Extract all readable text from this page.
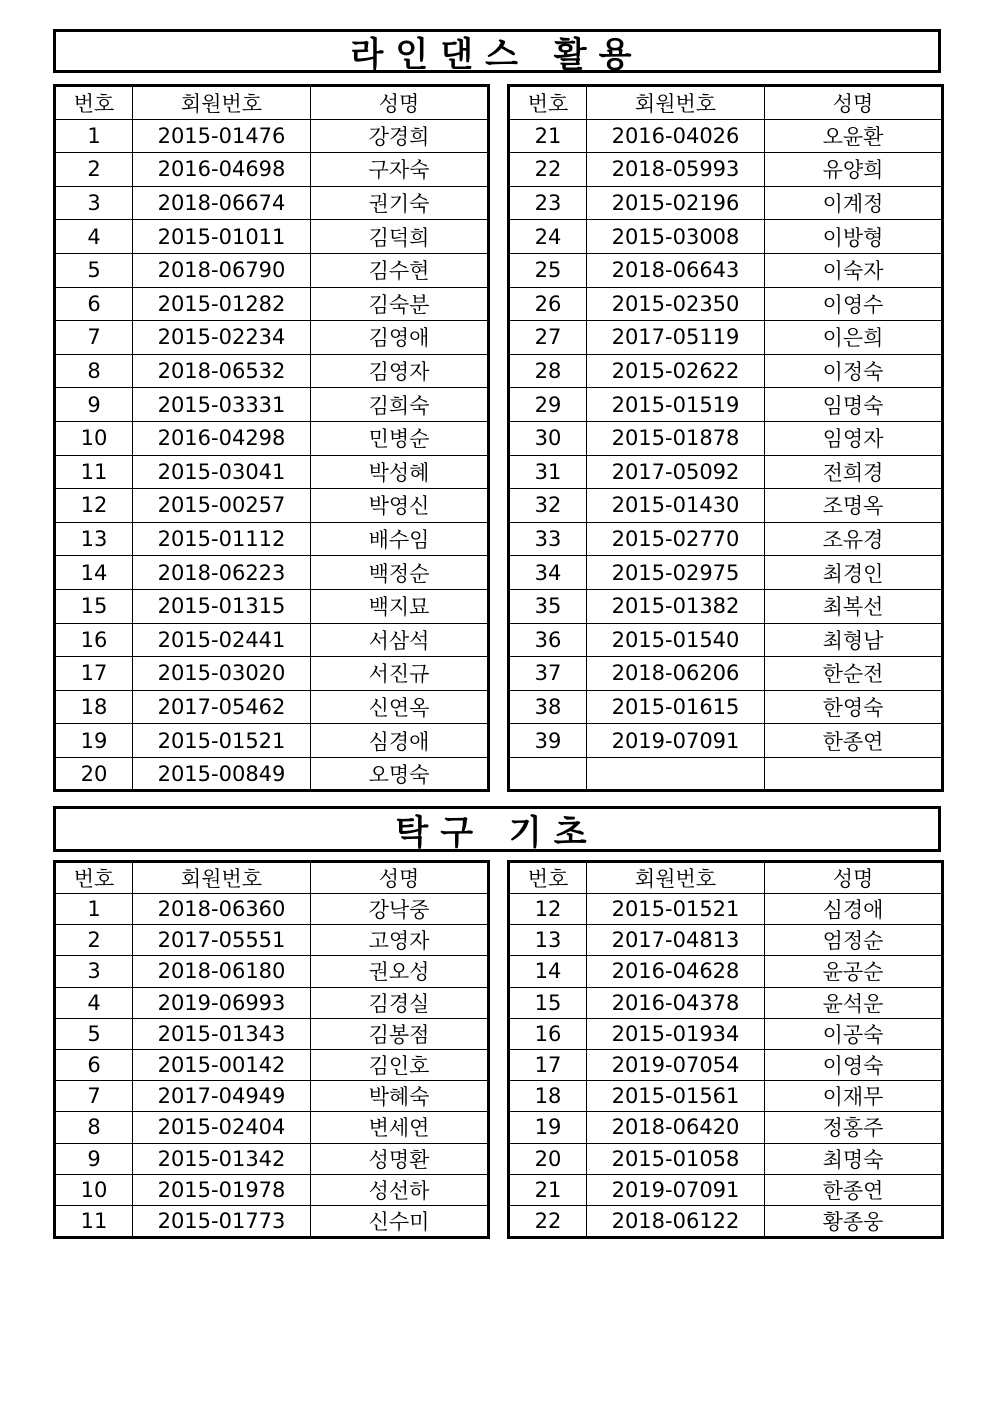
라인댄스 활용
번호	회원번호	성명
1	2015-01476	강경희
2	2016-04698	구자숙
3	2018-06674	권기숙
4	2015-01011	김덕희
5	2018-06790	김수현
6	2015-01282	김숙분
7	2015-02234	김영애
8	2018-06532	김영자
9	2015-03331	김희숙
10	2016-04298	민병순
11	2015-03041	박성혜
12	2015-00257	박영신
13	2015-01112	배수임
14	2018-06223	백정순
15	2015-01315	백지묘
16	2015-02441	서삼석
17	2015-03020	서진규
18	2017-05462	신연옥
19	2015-01521	심경애
20	2015-00849	오명숙
번호	회원번호	성명
21	2016-04026	오윤환
22	2018-05993	유양희
23	2015-02196	이계정
24	2015-03008	이방형
25	2018-06643	이숙자
26	2015-02350	이영수
27	2017-05119	이은희
28	2015-02622	이정숙
29	2015-01519	임명숙
30	2015-01878	임영자
31	2017-05092	전희경
32	2015-01430	조명옥
33	2015-02770	조유경
34	2015-02975	최경인
35	2015-01382	최복선
36	2015-01540	최형남
37	2018-06206	한순전
38	2015-01615	한영숙
39	2019-07091	한종연

탁구 기초
번호	회원번호	성명
1	2018-06360	강낙중
2	2017-05551	고영자
3	2018-06180	권오성
4	2019-06993	김경실
5	2015-01343	김봉점
6	2015-00142	김인호
7	2017-04949	박혜숙
8	2015-02404	변세연
9	2015-01342	성명환
10	2015-01978	성선하
11	2015-01773	신수미
번호	회원번호	성명
12	2015-01521	심경애
13	2017-04813	엄정순
14	2016-04628	윤공순
15	2016-04378	윤석운
16	2015-01934	이공숙
17	2019-07054	이영숙
18	2015-01561	이재무
19	2018-06420	정홍주
20	2015-01058	최명숙
21	2019-07091	한종연
22	2018-06122	황종웅
